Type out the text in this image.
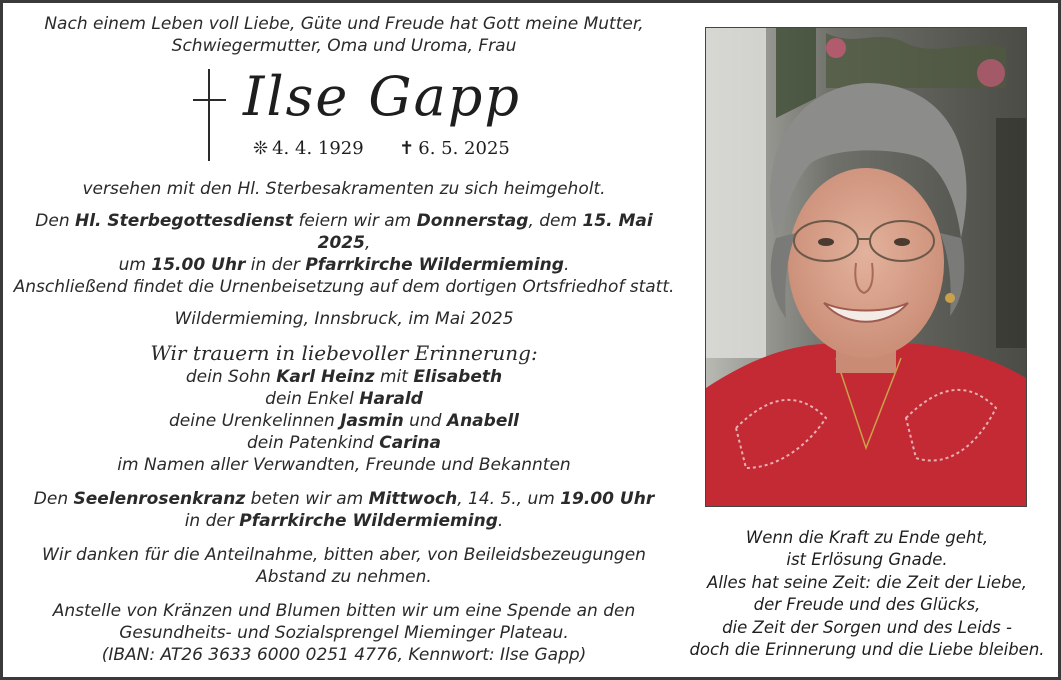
Nach einem Leben voll Liebe, Güte und Freude hat Gott meine Mutter,

Schwiegermutter, Oma und Uroma, Frau

Ilse Gapp
❊ 4. 4. 1929 ✝ 6. 5. 2025

versehen mit den Hl. Sterbesakramenten zu sich heimgeholt.

Den Hl. Sterbegottesdienst feiern wir am Donnerstag, dem 15. Mai 2025,

um 15.00 Uhr in der Pfarrkirche Wildermieming.

Anschließend findet die Urnenbeisetzung auf dem dortigen Ortsfriedhof statt.

Wildermieming, Innsbruck, im Mai 2025

Wir trauern in liebevoller Erinnerung:

dein Sohn Karl Heinz mit Elisabeth

dein Enkel Harald

deine Urenkelinnen Jasmin und Anabell

dein Patenkind Carina

im Namen aller Verwandten, Freunde und Bekannten

Den Seelenrosenkranz beten wir am Mittwoch, 14. 5., um 19.00 Uhr

in der Pfarrkirche Wildermieming.

Wir danken für die Anteilnahme, bitten aber, von Beileidsbezeugungen

Abstand zu nehmen.

Anstelle von Kränzen und Blumen bitten wir um eine Spende an den

Gesundheits- und Sozialsprengel Mieminger Plateau.

(IBAN: AT26 3633 6000 0251 4776, Kennwort: Ilse Gapp)

Wenn die Kraft zu Ende geht,

ist Erlösung Gnade.

Alles hat seine Zeit: die Zeit der Liebe,

der Freude und des Glücks,

die Zeit der Sorgen und des Leids -

doch die Erinnerung und die Liebe bleiben.
